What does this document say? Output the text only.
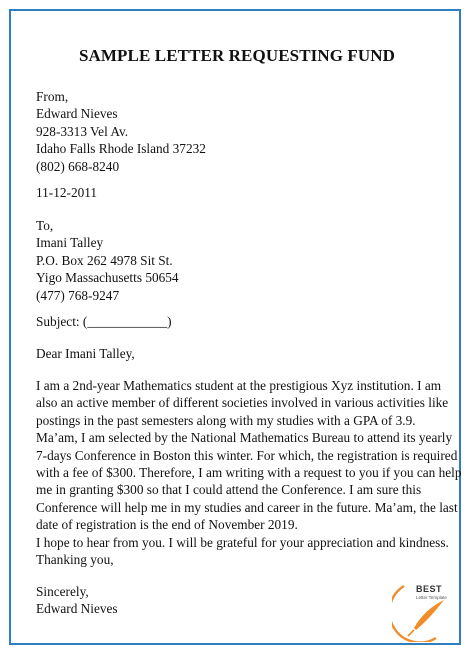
SAMPLE LETTER REQUESTING FUND
From,
Edward Nieves
928-3313 Vel Av.
Idaho Falls Rhode Island 37232
(802) 668-8240
11-12-2011
To,
Imani Talley
P.O. Box 262 4978 Sit St.
Yigo Massachusetts 50654
(477) 768-9247
Subject: (____________)
Dear Imani Talley,
I am a 2nd-year Mathematics student at the prestigious Xyz institution. I am
also an active member of different societies involved in various activities like
postings in the past semesters along with my studies with a GPA of 3.9.
Ma’am, I am selected by the National Mathematics Bureau to attend its yearly
7-days Conference in Boston this winter. For which, the registration is required
with a fee of $300. Therefore, I am writing with a request to you if you can help
me in granting $300 so that I could attend the Conference. I am sure this
Conference will help me in my studies and career in the future. Ma’am, the last
date of registration is the end of November 2019.
I hope to hear from you. I will be grateful for your appreciation and kindness.
Thanking you,
Sincerely,
Edward Nieves
BEST
Letter Template
